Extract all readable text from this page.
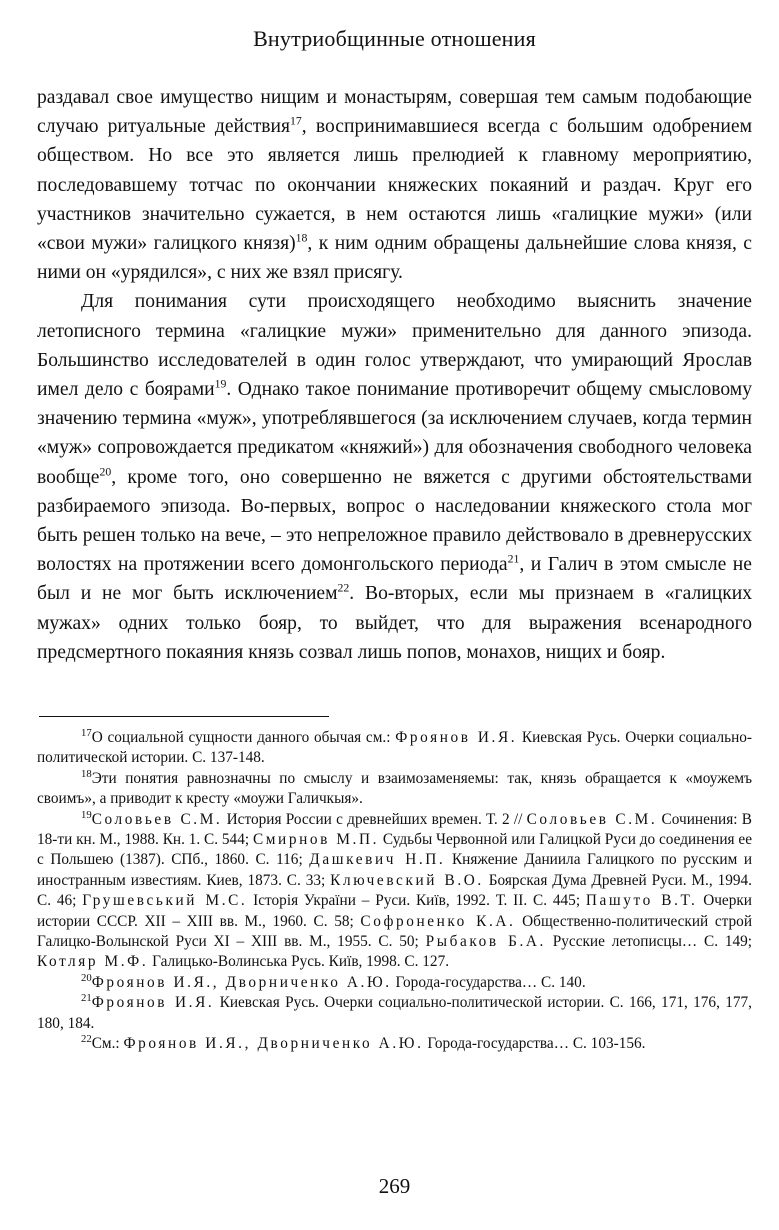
Внутриобщинные отношения

раздавал свое имущество нищим и монастырям, совершая тем самым подобающие случаю ритуальные действия$^{17}$, воспринимавшиеся всегда с большим одобрением обществом. Но все это является лишь прелюдией к главному мероприятию, последовавшему тотчас по окончании княжеских покаяний и раздач. Круг его участников значительно сужается, в нем остаются лишь «галицкие мужи» (или «свои мужи» галицкого князя)$^{18}$, к ним одним обращены дальнейшие слова князя, с ними он «урядился», с них же взял присягу.

Для понимания сути происходящего необходимо выяснить значение летописного термина «галицкие мужи» применительно для данного эпизода. Большинство исследователей в один голос утверждают, что умирающий Ярослав имел дело с боярами$^{19}$. Однако такое понимание противоречит общему смысловому значению термина «муж», употреблявшегося (за исключением случаев, когда термин «муж» сопровождается предикатом «княжий») для обозначения свободного человека вообще$^{20}$, кроме того, оно совершенно не вяжется с другими обстоятельствами разбираемого эпизода. Во-первых, вопрос о наследовании княжеского стола мог быть решен только на вече, – это непреложное правило действовало в древнерусских волостях на протяжении всего домонгольского периода$^{21}$, и Галич в этом смысле не был и не мог быть исключением$^{22}$. Во-вторых, если мы признаем в «галицких мужах» одних только бояр, то выйдет, что для выражения всенародного предсмертного покаяния князь созвал лишь попов, монахов, нищих и бояр.

$^{17}$О социальной сущности данного обычая см.: Фроянов И.Я. Киевская Русь. Очерки социально-политической истории. С. 137-148.

$^{18}$Эти понятия равнозначны по смыслу и взаимозаменяемы: так, князь обращается к «моужемъ своимъ», а приводит к кресту «моужи Галичкыя».

$^{19}$Соловьев С.М. История России с древнейших времен. Т. 2 // Соловьев С.М. Сочинения: В 18-ти кн. М., 1988. Кн. 1. С. 544; Смирнов М.П. Судьбы Червонной или Галицкой Руси до соединения ее с Польшею (1387). СПб., 1860. С. 116; Дашкевич Н.П. Княжение Даниила Галицкого по русским и иностранным известиям. Киев, 1873. С. 33; Ключевский В.О. Боярская Дума Древней Руси. М., 1994. С. 46; Грушевський М.С. Історія України – Руси. Київ, 1992. Т. II. С. 445; Пашуто В.Т. Очерки истории СССР. XII – XIII вв. М., 1960. С. 58; Софроненко К.А. Общественно-политический строй Галицко-Волынской Руси XI – XIII вв. М., 1955. С. 50; Рыбаков Б.А. Русские летописцы… С. 149; Котляр М.Ф. Галицько-Волинська Русь. Київ, 1998. С. 127.

$^{20}$Фроянов И.Я., Дворниченко А.Ю. Города-государства… С. 140.

$^{21}$Фроянов И.Я. Киевская Русь. Очерки социально-политической истории. С. 166, 171, 176, 177, 180, 184.

$^{22}$См.: Фроянов И.Я., Дворниченко А.Ю. Города-государства… С. 103-156.

269
